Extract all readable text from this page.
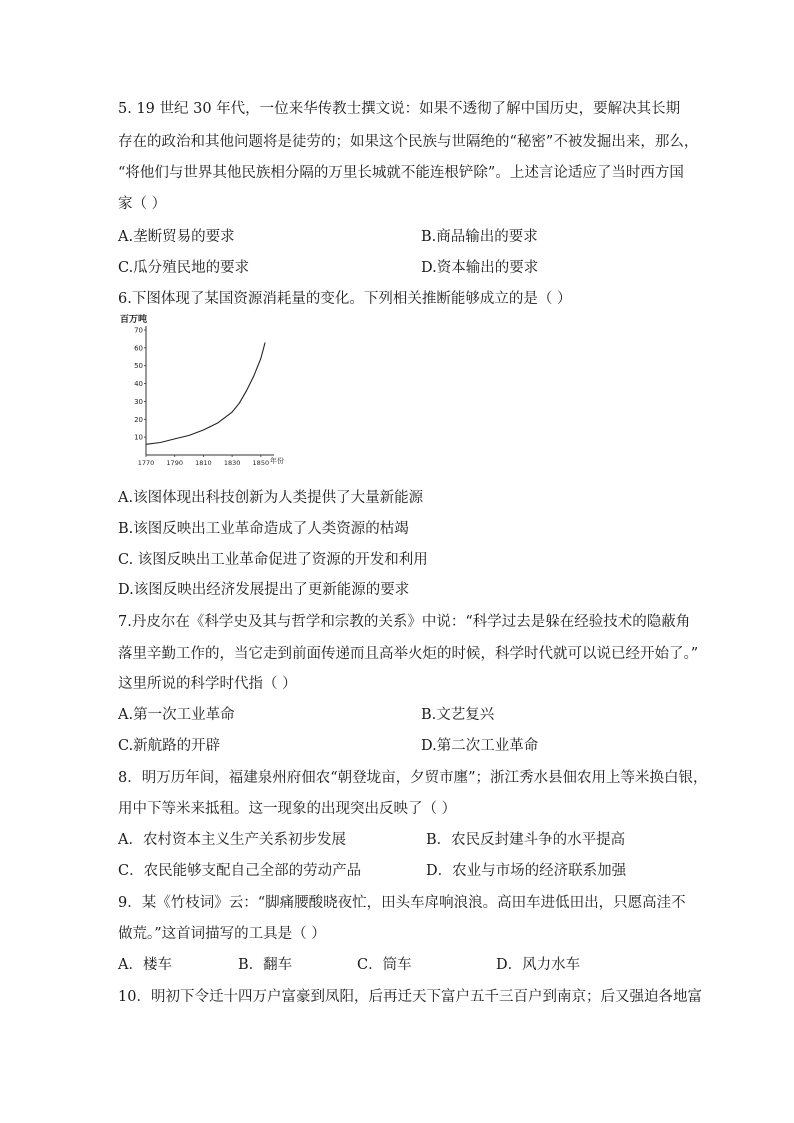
5. 19 世纪 30 年代，一位来华传教士撰文说：如果不透彻了解中国历史，要解决其长期
存在的政治和其他问题将是徒劳的；如果这个民族与世隔绝的“秘密”不被发掘出来，那么，
“将他们与世界其他民族相分隔的万里长城就不能连根铲除”。上述言论适应了当时西方国
家（ ）
A.垄断贸易的要求	B.商品输出的要求
C.瓜分殖民地的要求	D.资本输出的要求
6.下图体现了某国资源消耗量的变化。下列相关推断能够成立的是（ ）
百万吨
年份
10
20
30
40
50
60
70
1770 1790 1810 1830 1850
A.该图体现出科技创新为人类提供了大量新能源
B.该图反映出工业革命造成了人类资源的枯竭
C. 该图反映出工业革命促进了资源的开发和利用
D.该图反映出经济发展提出了更新能源的要求
7.丹皮尔在《科学史及其与哲学和宗教的关系》中说：“科学过去是躲在经验技术的隐蔽角
落里辛勤工作的，当它走到前面传递而且高举火炬的时候，科学时代就可以说已经开始了。”
这里所说的科学时代指（ ）
A.第一次工业革命	B.文艺复兴
C.新航路的开辟	D.第二次工业革命
8．明万历年间，福建泉州府佃农“朝登垅亩，夕贸市廛”；浙江秀水县佃农用上等米换白银，
用中下等米来抵租。这一现象的出现突出反映了（ ）
A．农村资本主义生产关系初步发展	B．农民反封建斗争的水平提高
C．农民能够支配自己全部的劳动产品	D．农业与市场的经济联系加强
9．某《竹枝词》云：“脚痛腰酸晓夜忙，田头车戽响浪浪。高田车进低田出，只愿高洼不
做荒。”这首词描写的工具是（ ）
A．楼车	B．翻车	C．筒车	D．风力水车
10．明初下令迁十四万户富豪到凤阳，后再迁天下富户五千三百户到南京；后又强迫各地富
